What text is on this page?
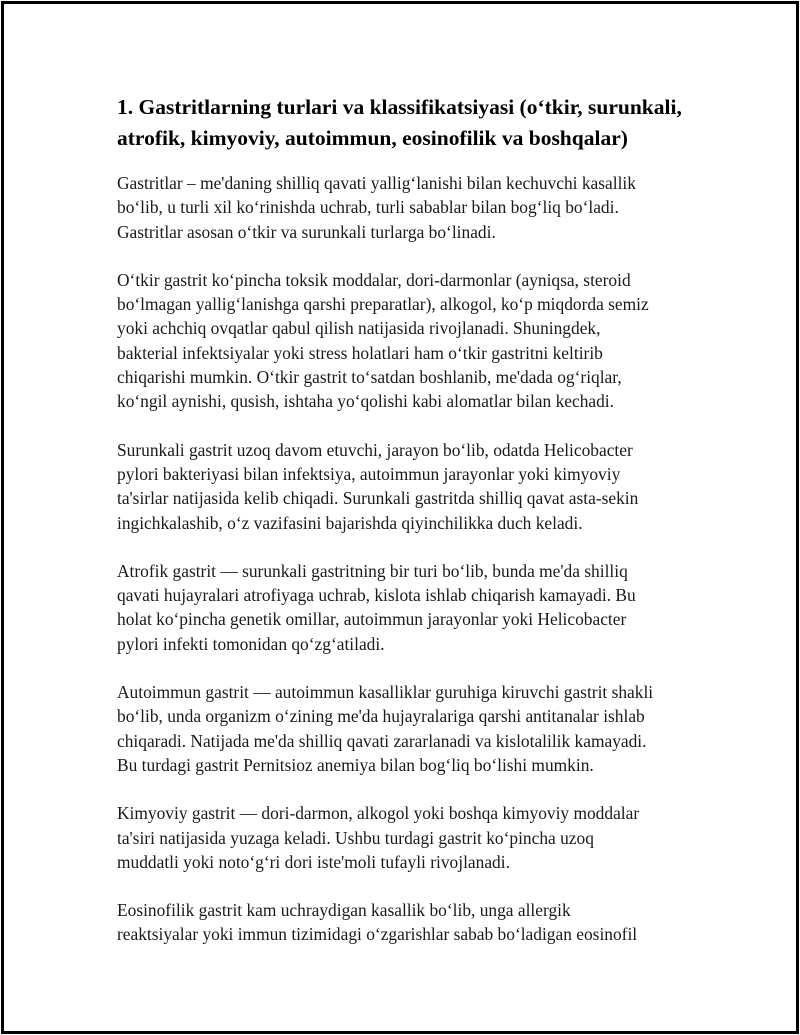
1. Gastritlarning turlari va klassifikatsiyasi (o‘tkir, surunkali,
atrofik, kimyoviy, autoimmun, eosinofilik va boshqalar)

Gastritlar – me'daning shilliq qavati yallig‘lanishi bilan kechuvchi kasallik
bo‘lib, u turli xil ko‘rinishda uchrab, turli sabablar bilan bog‘liq bo‘ladi.
Gastritlar asosan o‘tkir va surunkali turlarga bo‘linadi.

O‘tkir gastrit ko‘pincha toksik moddalar, dori-darmonlar (ayniqsa, steroid
bo‘lmagan yallig‘lanishga qarshi preparatlar), alkogol, ko‘p miqdorda semiz
yoki achchiq ovqatlar qabul qilish natijasida rivojlanadi. Shuningdek,
bakterial infektsiyalar yoki stress holatlari ham o‘tkir gastritni keltirib
chiqarishi mumkin. O‘tkir gastrit to‘satdan boshlanib, me'dada og‘riqlar,
ko‘ngil aynishi, qusish, ishtaha yo‘qolishi kabi alomatlar bilan kechadi.

Surunkali gastrit uzoq davom etuvchi, jarayon bo‘lib, odatda Helicobacter
pylori bakteriyasi bilan infektsiya, autoimmun jarayonlar yoki kimyoviy
ta'sirlar natijasida kelib chiqadi. Surunkali gastritda shilliq qavat asta-sekin
ingichkalashib, o‘z vazifasini bajarishda qiyinchilikka duch keladi.

Atrofik gastrit — surunkali gastritning bir turi bo‘lib, bunda me'da shilliq
qavati hujayralari atrofiyaga uchrab, kislota ishlab chiqarish kamayadi. Bu
holat ko‘pincha genetik omillar, autoimmun jarayonlar yoki Helicobacter
pylori infekti tomonidan qo‘zg‘atiladi.

Autoimmun gastrit — autoimmun kasalliklar guruhiga kiruvchi gastrit shakli
bo‘lib, unda organizm o‘zining me'da hujayralariga qarshi antitanalar ishlab
chiqaradi. Natijada me'da shilliq qavati zararlanadi va kislotalilik kamayadi.
Bu turdagi gastrit Pernitsioz anemiya bilan bog‘liq bo‘lishi mumkin.

Kimyoviy gastrit — dori-darmon, alkogol yoki boshqa kimyoviy moddalar
ta'siri natijasida yuzaga keladi. Ushbu turdagi gastrit ko‘pincha uzoq
muddatli yoki noto‘g‘ri dori iste'moli tufayli rivojlanadi.

Eosinofilik gastrit kam uchraydigan kasallik bo‘lib, unga allergik
reaktsiyalar yoki immun tizimidagi o‘zgarishlar sabab bo‘ladigan eosinofil
